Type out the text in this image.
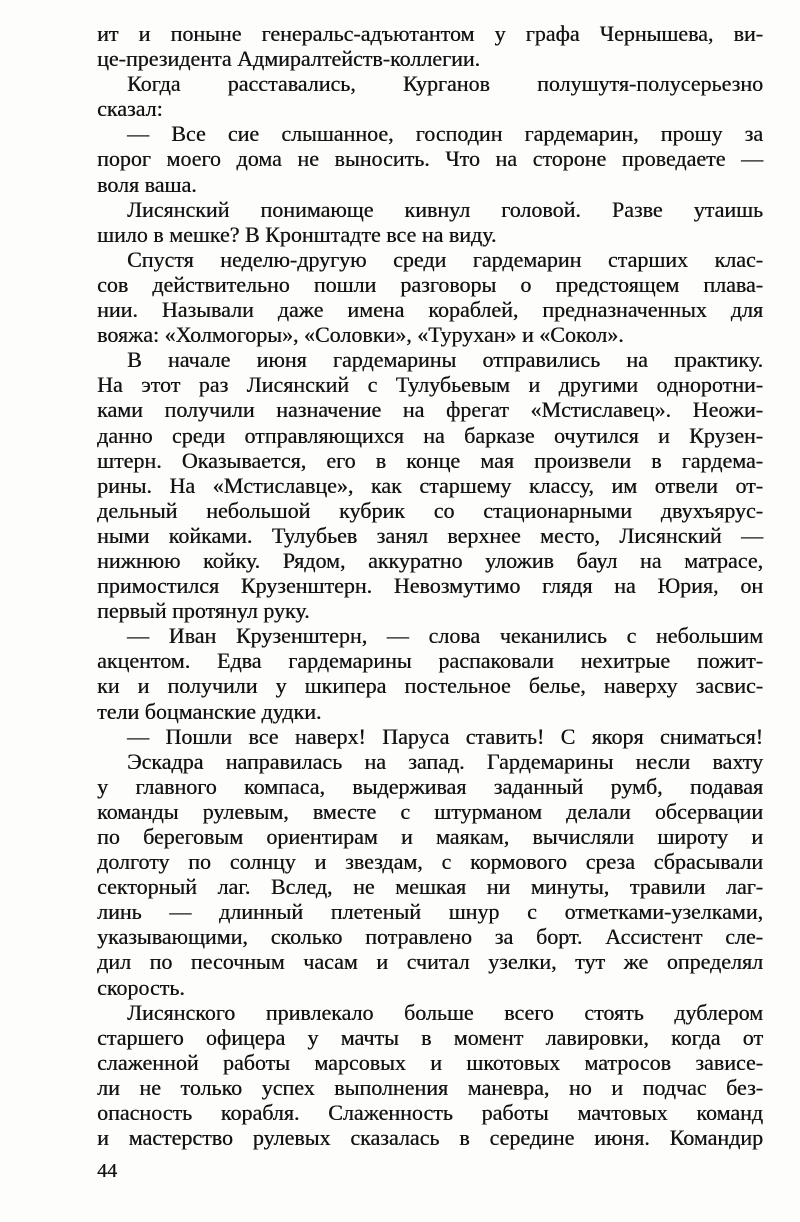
ит и поныне генеральс-адъютантом у графа Чернышева, ви-
це-президента Адмиралтейств-коллегии.
Когда расставались, Курганов полушутя-полусерьезно
сказал:
— Все сие слышанное, господин гардемарин, прошу за
порог моего дома не выносить. Что на стороне проведаете —
воля ваша.
Лисянский понимающе кивнул головой. Разве утаишь
шило в мешке? В Кронштадте все на виду.
Спустя неделю-другую среди гардемарин старших клас-
сов действительно пошли разговоры о предстоящем плава-
нии. Называли даже имена кораблей, предназначенных для
вояжа: «Холмогоры», «Соловки», «Турухан» и «Сокол».
В начале июня гардемарины отправились на практику.
На этот раз Лисянский с Тулубьевым и другими одноротни-
ками получили назначение на фрегат «Мстиславец». Неожи-
данно среди отправляющихся на барказе очутился и Крузен-
штерн. Оказывается, его в конце мая произвели в гардема-
рины. На «Мстиславце», как старшему классу, им отвели от-
дельный небольшой кубрик со стационарными двухъярус-
ными койками. Тулубьев занял верхнее место, Лисянский —
нижнюю койку. Рядом, аккуратно уложив баул на матрасе,
примостился Крузенштерн. Невозмутимо глядя на Юрия, он
первый протянул руку.
— Иван Крузенштерн, — слова чеканились с небольшим
акцентом. Едва гардемарины распаковали нехитрые пожит-
ки и получили у шкипера постельное белье, наверху засвис-
тели боцманские дудки.
— Пошли все наверх! Паруса ставить! С якоря сниматься!
Эскадра направилась на запад. Гардемарины несли вахту
у главного компаса, выдерживая заданный румб, подавая
команды рулевым, вместе с штурманом делали обсервации
по береговым ориентирам и маякам, вычисляли широту и
долготу по солнцу и звездам, с кормового среза сбрасывали
секторный лаг. Вслед, не мешкая ни минуты, травили лаг-
линь — длинный плетеный шнур с отметками-узелками,
указывающими, сколько потравлено за борт. Ассистент сле-
дил по песочным часам и считал узелки, тут же определял
скорость.
Лисянского привлекало больше всего стоять дублером
старшего офицера у мачты в момент лавировки, когда от
слаженной работы марсовых и шкотовых матросов зависе-
ли не только успех выполнения маневра, но и подчас без-
опасность корабля. Слаженность работы мачтовых команд
и мастерство рулевых сказалась в середине июня. Командир
44
